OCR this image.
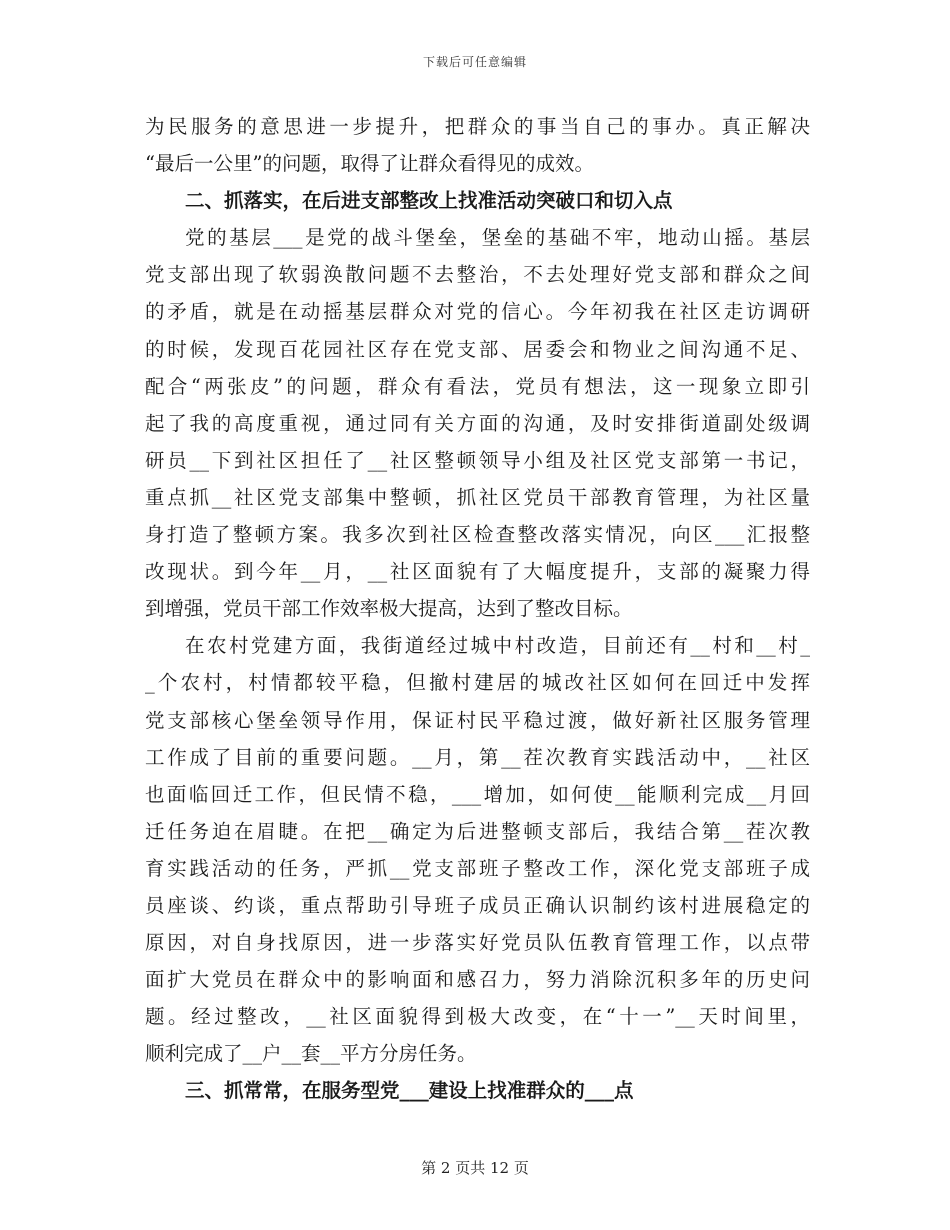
下载后可任意编辑
为民服务的意思进一步提升，把群众的事当自己的事办。真正解决
“最后一公里”的问题，取得了让群众看得见的成效。
二、抓落实，在后进支部整改上找准活动突破口和切入点
党的基层___是党的战斗堡垒，堡垒的基础不牢，地动山摇。基层
党支部出现了软弱涣散问题不去整治，不去处理好党支部和群众之间
的矛盾，就是在动摇基层群众对党的信心。今年初我在社区走访调研
的时候，发现百花园社区存在党支部、居委会和物业之间沟通不足、
配合“两张皮”的问题，群众有看法，党员有想法，这一现象立即引
起了我的高度重视，通过同有关方面的沟通，及时安排街道副处级调
研员__下到社区担任了__社区整顿领导小组及社区党支部第一书记，
重点抓__社区党支部集中整顿，抓社区党员干部教育管理，为社区量
身打造了整顿方案。我多次到社区检查整改落实情况，向区___汇报整
改现状。到今年__月，__社区面貌有了大幅度提升，支部的凝聚力得
到增强，党员干部工作效率极大提高，达到了整改目标。
在农村党建方面，我街道经过城中村改造，目前还有__村和__村_
_个农村，村情都较平稳，但撤村建居的城改社区如何在回迁中发挥
党支部核心堡垒领导作用，保证村民平稳过渡，做好新社区服务管理
工作成了目前的重要问题。__月，第__茬次教育实践活动中，__社区
也面临回迁工作，但民情不稳，___增加，如何使__能顺利完成__月回
迁任务迫在眉睫。在把__确定为后进整顿支部后，我结合第__茬次教
育实践活动的任务，严抓__党支部班子整改工作，深化党支部班子成
员座谈、约谈，重点帮助引导班子成员正确认识制约该村进展稳定的
原因，对自身找原因，进一步落实好党员队伍教育管理工作，以点带
面扩大党员在群众中的影响面和感召力，努力消除沉积多年的历史问
题。经过整改，__社区面貌得到极大改变，在“十一”__天时间里，
顺利完成了__户__套__平方分房任务。
三、抓常常，在服务型党___建设上找准群众的___点
第 2 页共 12 页
